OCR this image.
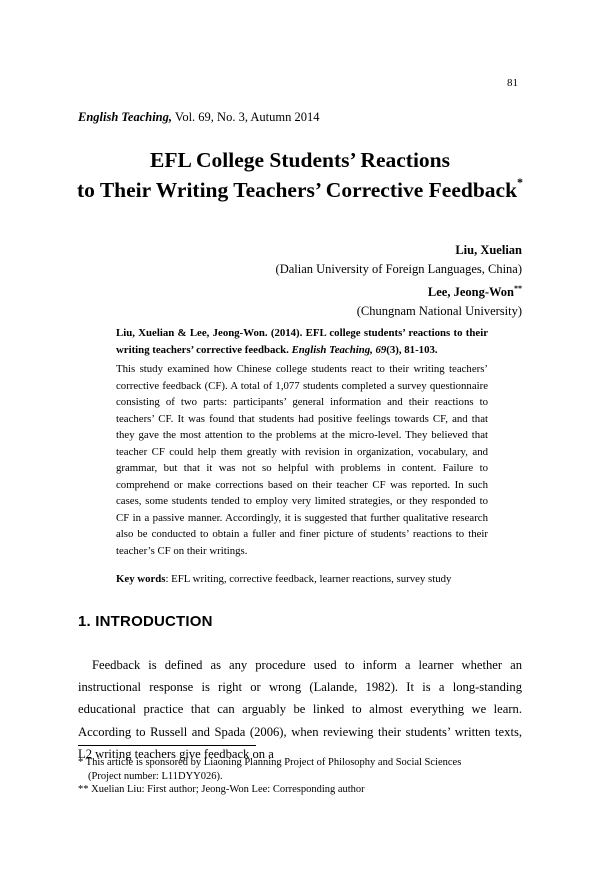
81
English Teaching, Vol. 69, No. 3, Autumn 2014
EFL College Students’ Reactions
to Their Writing Teachers’ Corrective Feedback*
Liu, Xuelian
(Dalian University of Foreign Languages, China)
Lee, Jeong-Won**
(Chungnam National University)
Liu, Xuelian & Lee, Jeong-Won. (2014). EFL college students’ reactions to their writing teachers’ corrective feedback. English Teaching, 69(3), 81-103.

This study examined how Chinese college students react to their writing teachers’ corrective feedback (CF). A total of 1,077 students completed a survey questionnaire consisting of two parts: participants’ general information and their reactions to teachers’ CF. It was found that students had positive feelings towards CF, and that they gave the most attention to the problems at the micro-level. They believed that teacher CF could help them greatly with revision in organization, vocabulary, and grammar, but that it was not so helpful with problems in content. Failure to comprehend or make corrections based on their teacher CF was reported. In such cases, some students tended to employ very limited strategies, or they responded to CF in a passive manner. Accordingly, it is suggested that further qualitative research also be conducted to obtain a fuller and finer picture of students’ reactions to their teacher’s CF on their writings.

Key words: EFL writing, corrective feedback, learner reactions, survey study
1. INTRODUCTION

Feedback is defined as any procedure used to inform a learner whether an instructional response is right or wrong (Lalande, 1982). It is a long-standing educational practice that can arguably be linked to almost everything we learn. According to Russell and Spada (2006), when reviewing their students’ written texts, L2 writing teachers give feedback on a

* This article is sponsored by Liaoning Planning Project of Philosophy and Social Sciences
(Project number: L11DYY026).

** Xuelian Liu: First author; Jeong-Won Lee: Corresponding author
